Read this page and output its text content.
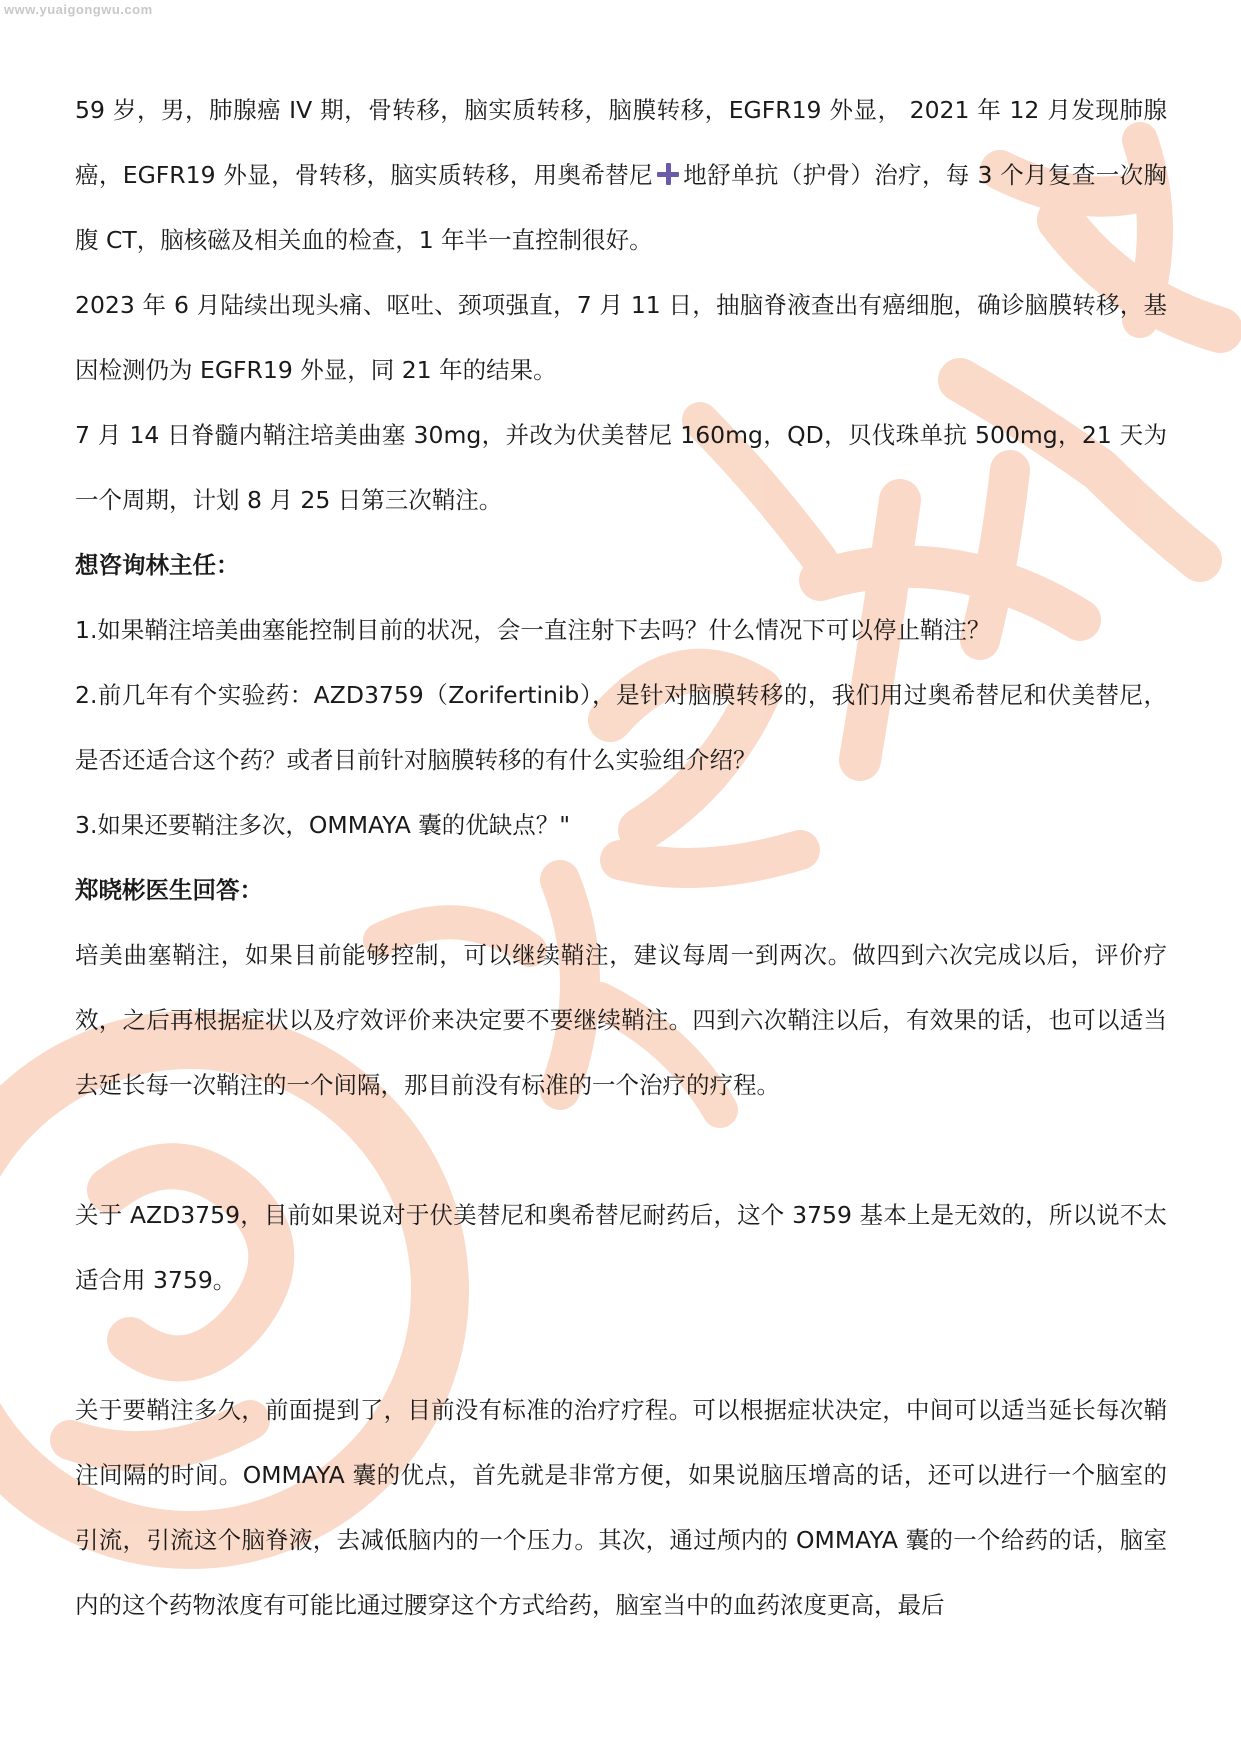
www.yuaigongwu.com

59 岁，男，肺腺癌 IV 期，骨转移，脑实质转移，脑膜转移，EGFR19 外显， 2021 年 12 月发现肺腺癌，EGFR19 外显，骨转移，脑实质转移，用奥希替尼 地舒单抗（护骨）治疗，每 3 个月复查一次胸腹 CT，脑核磁及相关血的检查，1 年半一直控制很好。

2023 年 6 月陆续出现头痛、呕吐、颈项强直，7 月 11 日，抽脑脊液查出有癌细胞，确诊脑膜转移，基因检测仍为 EGFR19 外显，同 21 年的结果。

7 月 14 日脊髓内鞘注培美曲塞 30mg，并改为伏美替尼 160mg，QD，贝伐珠单抗 500mg，21 天为一个周期，计划 8 月 25 日第三次鞘注。

想咨询林主任：

1.如果鞘注培美曲塞能控制目前的状况，会一直注射下去吗？什么情况下可以停止鞘注？

2.前几年有个实验药：AZD3759（Zorifertinib），是针对脑膜转移的，我们用过奥希替尼和伏美替尼，是否还适合这个药？或者目前针对脑膜转移的有什么实验组介绍？

3.如果还要鞘注多次，OMMAYA 囊的优缺点？"

郑晓彬医生回答：

培美曲塞鞘注，如果目前能够控制，可以继续鞘注，建议每周一到两次。做四到六次完成以后，评价疗效，之后再根据症状以及疗效评价来决定要不要继续鞘注。四到六次鞘注以后，有效果的话，也可以适当去延长每一次鞘注的一个间隔，那目前没有标准的一个治疗的疗程。

关于 AZD3759，目前如果说对于伏美替尼和奥希替尼耐药后，这个 3759 基本上是无效的，所以说不太适合用 3759。

关于要鞘注多久，前面提到了，目前没有标准的治疗疗程。可以根据症状决定，中间可以适当延长每次鞘注间隔的时间。OMMAYA 囊的优点，首先就是非常方便，如果说脑压增高的话，还可以进行一个脑室的引流，引流这个脑脊液，去减低脑内的一个压力。其次，通过颅内的 OMMAYA 囊的一个给药的话，脑室内的这个药物浓度有可能比通过腰穿这个方式给药，脑室当中的血药浓度更高，最后
